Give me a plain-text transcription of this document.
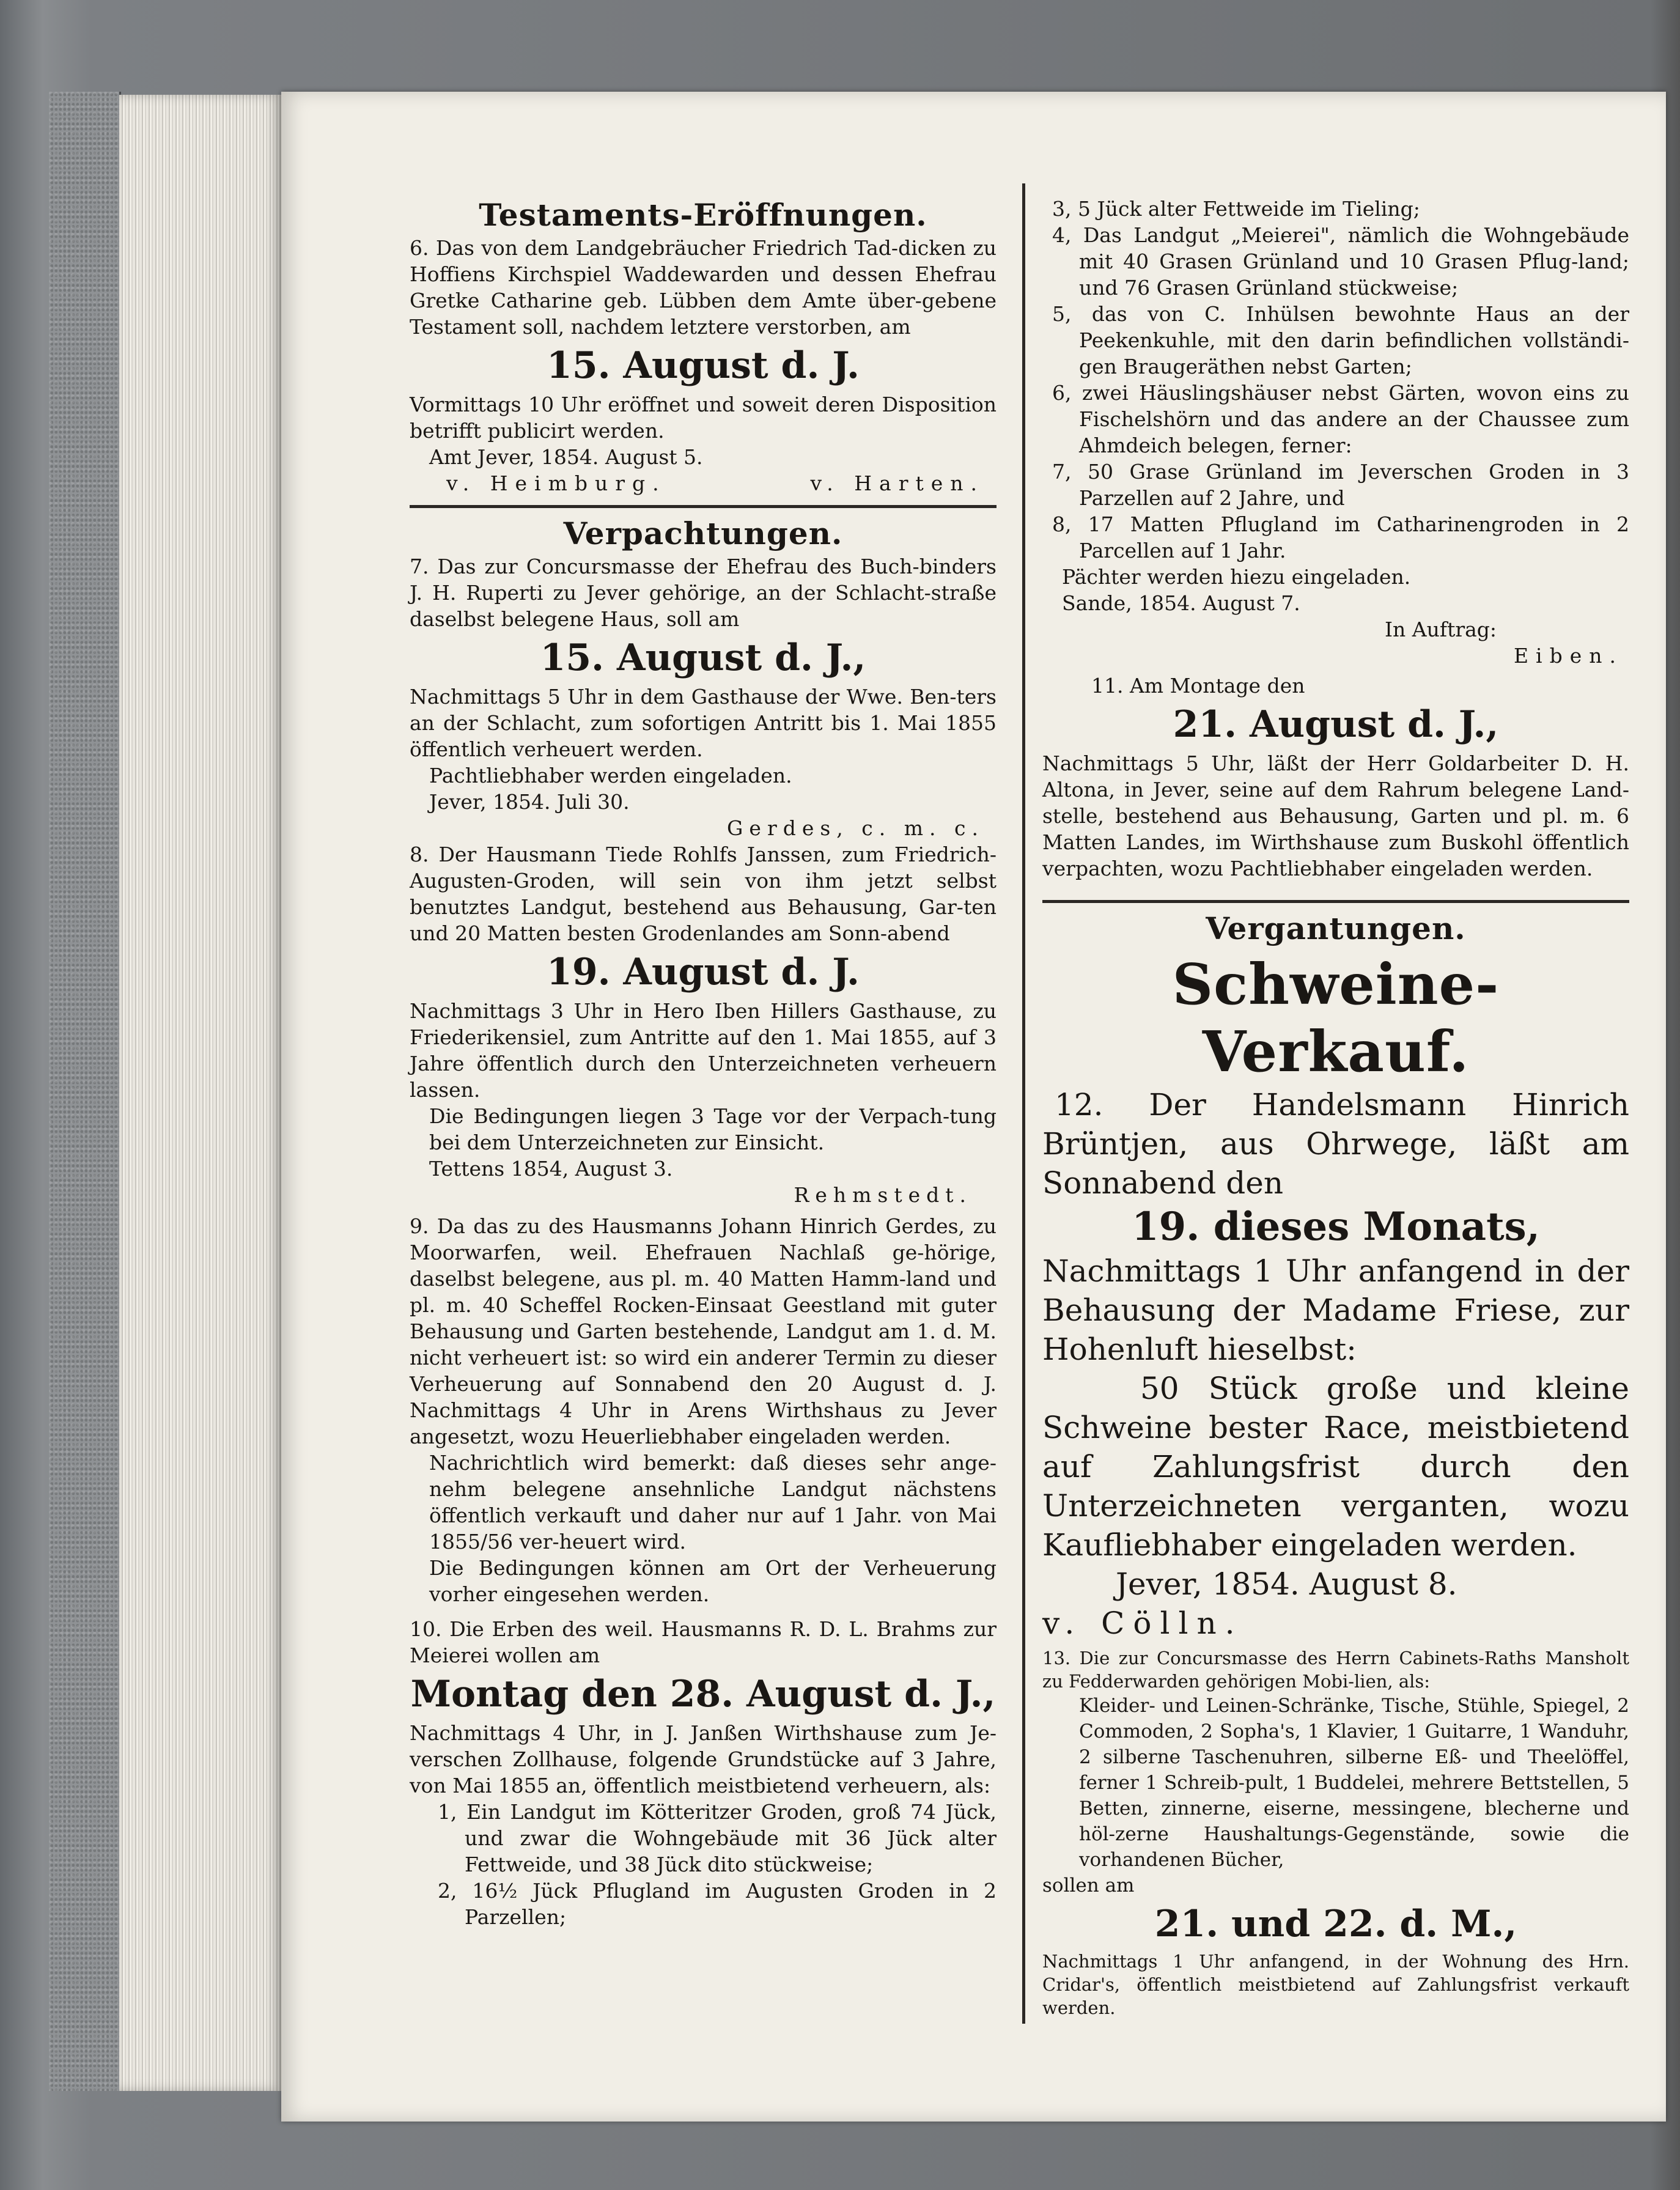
Testaments-Eröffnungen.

6. Das von dem Landgebräucher Friedrich Tad-dicken zu Hoffiens Kirchspiel Waddewarden und dessen Ehefrau Gretke Catharine geb. Lübben dem Amte über-gebene Testament soll, nachdem letztere verstorben, am

15. August d. J.

Vormittags 10 Uhr eröffnet und soweit deren Disposition betrifft publicirt werden.

Amt Jever, 1854. August 5.

v. Heimburg.	v. Harten.

Verpachtungen.

7. Das zur Concursmasse der Ehefrau des Buch-binders J. H. Ruperti zu Jever gehörige, an der Schlacht-straße daselbst belegene Haus, soll am

15. August d. J.,

Nachmittags 5 Uhr in dem Gasthause der Wwe. Ben-ters an der Schlacht, zum sofortigen Antritt bis 1. Mai 1855 öffentlich verheuert werden.

Pachtliebhaber werden eingeladen.

Jever, 1854. Juli 30.

Gerdes, c. m. c.

8. Der Hausmann Tiede Rohlfs Janssen, zum Friedrich-Augusten-Groden, will sein von ihm jetzt selbst benutztes Landgut, bestehend aus Behausung, Gar-ten und 20 Matten besten Grodenlandes am Sonn-abend

19. August d. J.

Nachmittags 3 Uhr in Hero Iben Hillers Gasthause, zu Friederikensiel, zum Antritte auf den 1. Mai 1855, auf 3 Jahre öffentlich durch den Unterzeichneten verheuern lassen.

Die Bedingungen liegen 3 Tage vor der Verpach-tung bei dem Unterzeichneten zur Einsicht.

Tettens 1854, August 3.

Rehmstedt.

9. Da das zu des Hausmanns Johann Hinrich Gerdes, zu Moorwarfen, weil. Ehefrauen Nachlaß ge-hörige, daselbst belegene, aus pl. m. 40 Matten Hamm-land und pl. m. 40 Scheffel Rocken-Einsaat Geestland mit guter Behausung und Garten bestehende, Landgut am 1. d. M. nicht verheuert ist: so wird ein anderer Termin zu dieser Verheuerung auf Sonnabend den 20 August d. J. Nachmittags 4 Uhr in Arens Wirthshaus zu Jever angesetzt, wozu Heuerliebhaber eingeladen werden.

Nachrichtlich wird bemerkt: daß dieses sehr ange-nehm belegene ansehnliche Landgut nächstens öffentlich verkauft und daher nur auf 1 Jahr. von Mai 1855/56 ver-heuert wird.

Die Bedingungen können am Ort der Verheuerung vorher eingesehen werden.

10. Die Erben des weil. Hausmanns R. D. L. Brahms zur Meierei wollen am

Montag den 28. August d. J.,

Nachmittags 4 Uhr, in J. Janßen Wirthshause zum Je-verschen Zollhause, folgende Grundstücke auf 3 Jahre, von Mai 1855 an, öffentlich meistbietend verheuern, als:

1, Ein Landgut im Kötteritzer Groden, groß 74 Jück, und zwar die Wohngebäude mit 36 Jück alter Fettweide, und 38 Jück dito stückweise;

2, 16½ Jück Pflugland im Augusten Groden in 2 Parzellen;

3, 5 Jück alter Fettweide im Tieling;

4, Das Landgut „Meierei", nämlich die Wohngebäude mit 40 Grasen Grünland und 10 Grasen Pflug-land; und 76 Grasen Grünland stückweise;

5, das von C. Inhülsen bewohnte Haus an der Peekenkuhle, mit den darin befindlichen vollständi-gen Braugeräthen nebst Garten;

6, zwei Häuslingshäuser nebst Gärten, wovon eins zu Fischelshörn und das andere an der Chaussee zum Ahmdeich belegen, ferner:

7, 50 Grase Grünland im Jeverschen Groden in 3 Parzellen auf 2 Jahre, und

8, 17 Matten Pflugland im Catharinengroden in 2 Parcellen auf 1 Jahr.

Pächter werden hiezu eingeladen.

Sande, 1854. August 7.

In Auftrag:

Eiben.

11. Am Montage den

21. August d. J.,

Nachmittags 5 Uhr, läßt der Herr Goldarbeiter D. H. Altona, in Jever, seine auf dem Rahrum belegene Land-stelle, bestehend aus Behausung, Garten und pl. m. 6 Matten Landes, im Wirthshause zum Buskohl öffentlich verpachten, wozu Pachtliebhaber eingeladen werden.

Vergantungen.

Schweine-Verkauf.

12. Der Handelsmann Hinrich Brüntjen, aus Ohrwege, läßt am Sonnabend den

19. dieses Monats,

Nachmittags 1 Uhr anfangend in der Behausung der Madame Friese, zur Hohenluft hieselbst:

50 Stück große und kleine Schweine bester Race, meistbietend auf Zahlungsfrist durch den Unterzeichneten verganten, wozu Kaufliebhaber eingeladen werden.

Jever, 1854. August 8.

v. Cölln.

13. Die zur Concursmasse des Herrn Cabinets-Raths Mansholt zu Fedderwarden gehörigen Mobi-lien, als:

Kleider- und Leinen-Schränke, Tische, Stühle, Spiegel, 2 Commoden, 2 Sopha's, 1 Klavier, 1 Guitarre, 1 Wanduhr, 2 silberne Taschenuhren, silberne Eß- und Theelöffel, ferner 1 Schreib-pult, 1 Buddelei, mehrere Bettstellen, 5 Betten, zinnerne, eiserne, messingene, blecherne und höl-zerne Haushaltungs-Gegenstände, sowie die vorhandenen Bücher,

sollen am

21. und 22. d. M.,

Nachmittags 1 Uhr anfangend, in der Wohnung des Hrn. Cridar's, öffentlich meistbietend auf Zahlungsfrist verkauft werden.
